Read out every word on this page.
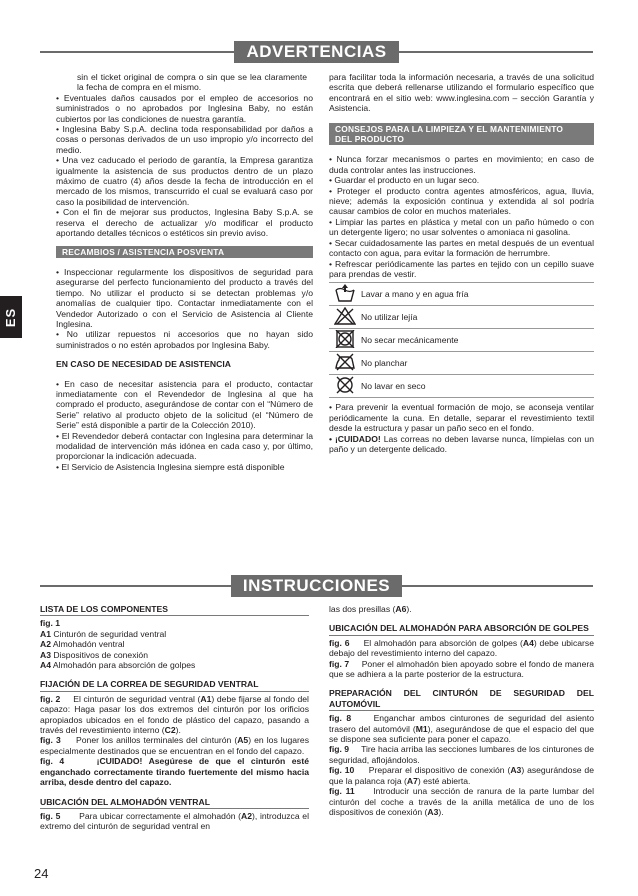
ADVERTENCIAS
ES

sin el ticket original de compra o sin que se lea claramente la fecha de compra en el mismo.

• Eventuales daños causados por el empleo de accesorios no suministrados o no aprobados por Inglesina Baby, no están cubiertos por las condiciones de nuestra garantía.

• Inglesina Baby S.p.A. declina toda responsabilidad por daños a cosas o personas derivados de un uso impropio y/o incorrecto del medio.

• Una vez caducado el periodo de garantía, la Empresa garantiza igualmente la asistencia de sus productos dentro de un plazo máximo de cuatro (4) años desde la fecha de introducción en el mercado de los mismos, transcurrido el cual se evaluará caso por caso la posibilidad de intervención.

• Con el fin de mejorar sus productos, Inglesina Baby S.p.A. se reserva el derecho de actualizar y/o modificar el producto aportando detalles técnicos o estéticos sin previo aviso.

RECAMBIOS / ASISTENCIA POSVENTA

• Inspeccionar regularmente los dispositivos de seguridad para asegurarse del perfecto funcionamiento del producto a través del tiempo. No utilizar el producto si se detectan problemas y/o anomalías de cualquier tipo. Contactar inmediatamente con el Vendedor Autorizado o con el Servicio de Asistencia al Cliente Inglesina.

• No utilizar repuestos ni accesorios que no hayan sido suministrados o no estén aprobados por Inglesina Baby.

EN CASO DE NECESIDAD DE ASISTENCIA

• En caso de necesitar asistencia para el producto, contactar inmediatamente con el Revendedor de Inglesina al que ha comprado el producto, asegurándose de contar con el “Número de Serie” relativo al producto objeto de la solicitud (el “Número de Serie” está disponible a partir de la Colección 2010).

• El Revendedor deberá contactar con Inglesina para determinar la modalidad de intervención más idónea en cada caso y, por último, proporcionar la indicación adecuada.

• El Servicio de Asistencia Inglesina siempre está disponible

para facilitar toda la información necesaria, a través de una solicitud escrita que deberá rellenarse utilizando el formulario específico que encontrará en el sitio web: www.inglesina.com – sección Garantía y Asistencia.

CONSEJOS PARA LA LIMPIEZA Y EL MANTENIMIENTO
DEL PRODUCTO

• Nunca forzar mecanismos o partes en movimiento; en caso de duda controlar antes las instrucciones.

• Guardar el producto en un lugar seco.

• Proteger el producto contra agentes atmosféricos, agua, lluvia, nieve; además la exposición continua y extendida al sol podría causar cambios de color en muchos materiales.

• Limpiar las partes en plástica y metal con un paño húmedo o con un detergente ligero; no usar solventes o amoniaca ni gasolina.

• Secar cuidadosamente las partes en metal después de un eventual contacto con agua, para evitar la formación de herrumbre.

• Refrescar periódicamente las partes en tejido con un cepillo suave para prendas de vestir.

	Lavar a mano y en agua fría
	No utilizar lejía
	No secar mecánicamente
	No planchar
	No lavar en seco

• Para prevenir la eventual formación de mojo, se aconseja ventilar periódicamente la cuna. En detalle, separar el revestimiento textil desde la estructura y pasar un paño seco en el fondo.

• ¡CUIDADO! Las correas no deben lavarse nunca, límpielas con un paño y un detergente delicado.

INSTRUCCIONES
LISTA DE LOS COMPONENTES
fig. 1
A1 Cinturón de seguridad ventral
A2 Almohadón ventral
A3 Dispositivos de conexión
A4 Almohadón para absorción de golpes
FIJACIÓN DE LA CORREA DE SEGURIDAD VENTRAL

fig. 2 El cinturón de seguridad ventral (A1) debe fijarse al fondo del capazo: Haga pasar los dos extremos del cinturón por los orificios apropiados ubicados en el fondo de plástico del capazo, pasando a través del revestimiento interno (C2).

fig. 3 Poner los anillos terminales del cinturón (A5) en los lugares especialmente destinados que se encuentran en el fondo del capazo.

fig. 4	¡CUIDADO! Asegúrese de que el cinturón esté enganchado correctamente tirando fuertemente del mismo hacia arriba, desde dentro del capazo.

UBICACIÓN DEL ALMOHADÓN VENTRAL

fig. 5 Para ubicar correctamente el almohadón (A2), introduzca el extremo del cinturón de seguridad ventral en

las dos presillas (A6).

UBICACIÓN DEL ALMOHADÓN PARA ABSORCIÓN DE GOLPES

fig. 6 El almohadón para absorción de golpes (A4) debe ubicarse debajo del revestimiento interno del capazo.

fig. 7 Poner el almohadón bien apoyado sobre el fondo de manera que se adhiera a la parte posterior de la estructura.

PREPARACIÓN DEL CINTURÓN DE SEGURIDAD DEL AUTOMÓVIL

fig. 8	Enganchar ambos cinturones de seguridad del asiento trasero del automóvil (M1), asegurándose de que el espacio del que se dispone sea suficiente para poner el capazo.

fig. 9 Tire hacia arriba las secciones lumbares de los cinturones de seguridad, aflojándolos.

fig. 10 Preparar el dispositivo de conexión (A3) asegurándose de que la palanca roja (A7) esté abierta.

fig. 11 Introducir una sección de ranura de la parte lumbar del cinturón del coche a través de la anilla metálica de uno de los dispositivos de conexión (A3).

24
